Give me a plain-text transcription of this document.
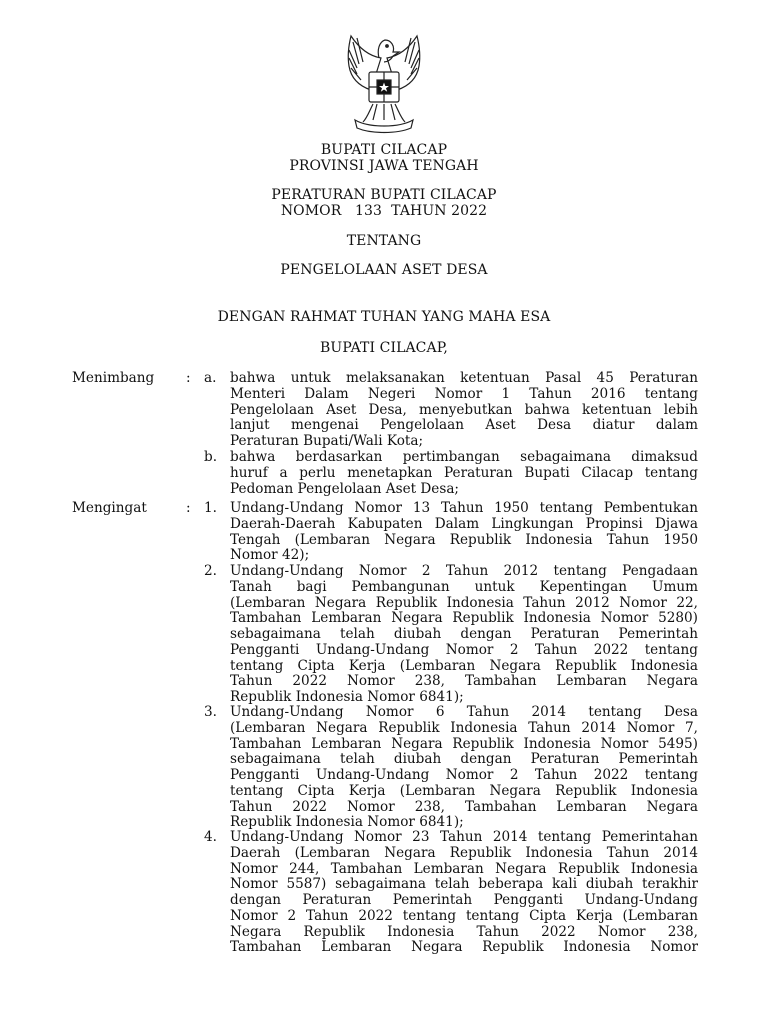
BUPATI CILACAP
PROVINSI JAWA TENGAH
PERATURAN BUPATI CILACAP
NOMOR   133  TAHUN 2022
TENTANG
PENGELOLAAN ASET DESA
DENGAN RAHMAT TUHAN YANG MAHA ESA
BUPATI CILACAP,
Menimbang : a. bahwa untuk melaksanakan ketentuan Pasal 45 Peraturan
Menteri Dalam Negeri Nomor 1 Tahun 2016 tentang
Pengelolaan Aset Desa, menyebutkan bahwa ketentuan lebih
lanjut mengenai Pengelolaan Aset Desa diatur dalam
Peraturan Bupati/Wali Kota;
b. bahwa berdasarkan pertimbangan sebagaimana dimaksud
huruf a perlu menetapkan Peraturan Bupati Cilacap tentang
Pedoman Pengelolaan Aset Desa;
Mengingat	: 1. Undang-Undang Nomor 13 Tahun 1950 tentang Pembentukan
Daerah-Daerah Kabupaten Dalam Lingkungan Propinsi Djawa
Tengah (Lembaran Negara Republik Indonesia Tahun 1950
Nomor 42);
2. Undang-Undang Nomor 2 Tahun 2012 tentang Pengadaan
Tanah bagi Pembangunan untuk Kepentingan Umum
(Lembaran Negara Republik Indonesia Tahun 2012 Nomor 22,
Tambahan Lembaran Negara Republik Indonesia Nomor 5280)
sebagaimana telah diubah dengan Peraturan Pemerintah
Pengganti Undang-Undang Nomor 2 Tahun 2022 tentang
tentang Cipta Kerja (Lembaran Negara Republik Indonesia
Tahun 2022 Nomor 238, Tambahan Lembaran Negara
Republik Indonesia Nomor 6841);
3. Undang-Undang Nomor 6 Tahun 2014 tentang Desa
(Lembaran Negara Republik Indonesia Tahun 2014 Nomor 7,
Tambahan Lembaran Negara Republik Indonesia Nomor 5495)
sebagaimana telah diubah dengan Peraturan Pemerintah
Pengganti Undang-Undang Nomor 2 Tahun 2022 tentang
tentang Cipta Kerja (Lembaran Negara Republik Indonesia
Tahun 2022 Nomor 238, Tambahan Lembaran Negara
Republik Indonesia Nomor 6841);
4. Undang-Undang Nomor 23 Tahun 2014 tentang Pemerintahan
Daerah (Lembaran Negara Republik Indonesia Tahun 2014
Nomor 244, Tambahan Lembaran Negara Republik Indonesia
Nomor 5587) sebagaimana telah beberapa kali diubah terakhir
dengan Peraturan Pemerintah Pengganti Undang-Undang
Nomor 2 Tahun 2022 tentang tentang Cipta Kerja (Lembaran
Negara Republik Indonesia Tahun 2022 Nomor 238,
Tambahan Lembaran Negara Republik Indonesia Nomor
